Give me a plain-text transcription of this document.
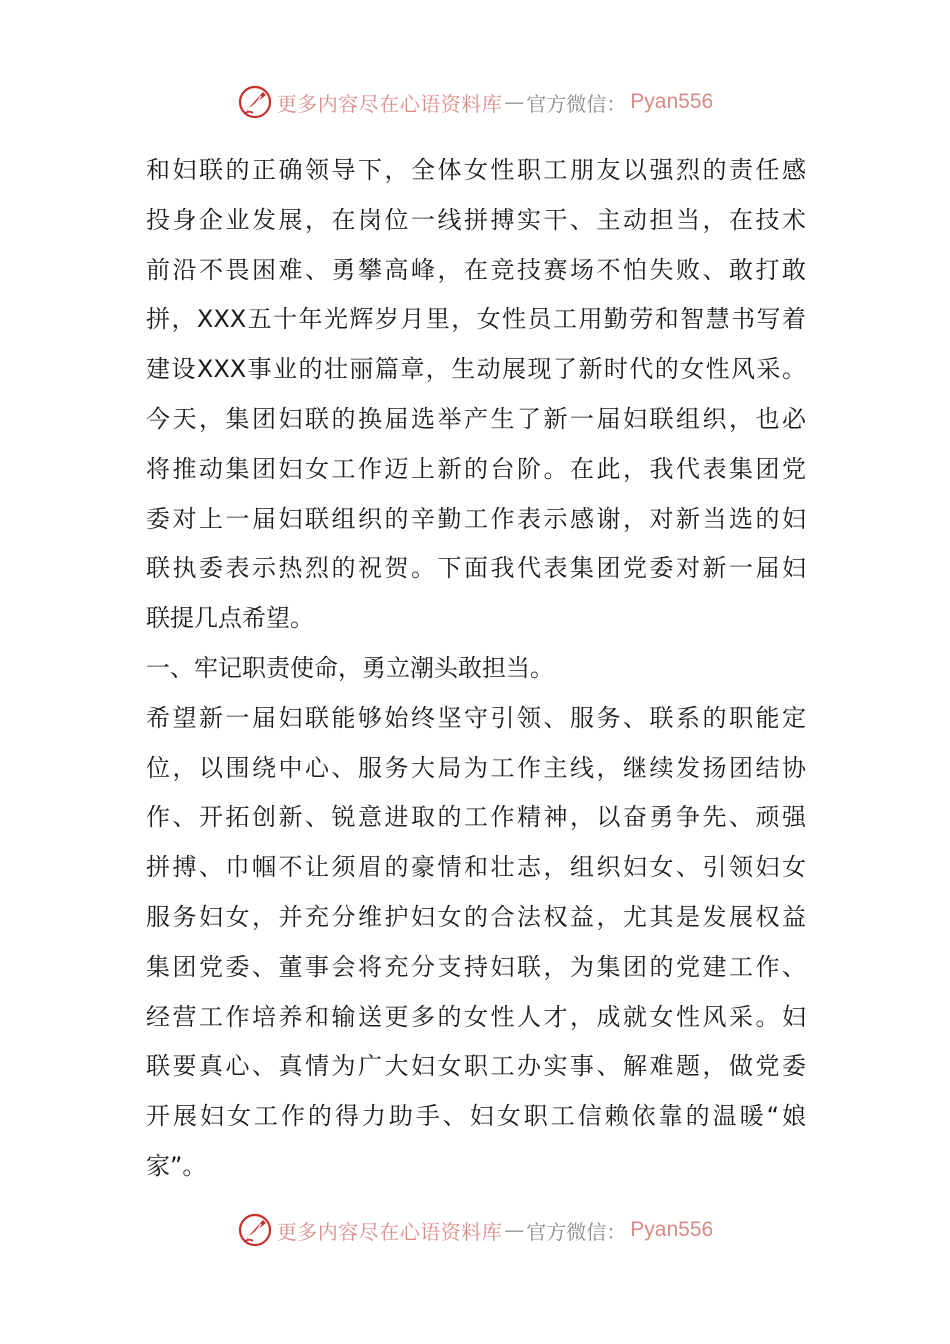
更多内容尽在心语资料库 — 官方微信： Pyan556
和妇联的正确领导下，全体女性职工朋友以强烈的责任感
投身企业发展，在岗位一线拼搏实干、主动担当，在技术
前沿不畏困难、勇攀高峰，在竞技赛场不怕失败、敢打敢
拼，XXX五十年光辉岁月里，女性员工用勤劳和智慧书写着
建设XXX事业的壮丽篇章，生动展现了新时代的女性风采。
今天，集团妇联的换届选举产生了新一届妇联组织，也必
将推动集团妇女工作迈上新的台阶。在此，我代表集团党
委对上一届妇联组织的辛勤工作表示感谢，对新当选的妇
联执委表示热烈的祝贺。下面我代表集团党委对新一届妇
联提几点希望。
一、牢记职责使命，勇立潮头敢担当。
希望新一届妇联能够始终坚守引领、服务、联系的职能定
位，以围绕中心、服务大局为工作主线，继续发扬团结协
作、开拓创新、锐意进取的工作精神，以奋勇争先、顽强
拼搏、巾帼不让须眉的豪情和壮志，组织妇女、引领妇女
服务妇女，并充分维护妇女的合法权益，尤其是发展权益
集团党委、董事会将充分支持妇联，为集团的党建工作、
经营工作培养和输送更多的女性人才，成就女性风采。妇
联要真心、真情为广大妇女职工办实事、解难题，做党委
开展妇女工作的得力助手、妇女职工信赖依靠的温暖“娘
家”。
更多内容尽在心语资料库 — 官方微信： Pyan556
